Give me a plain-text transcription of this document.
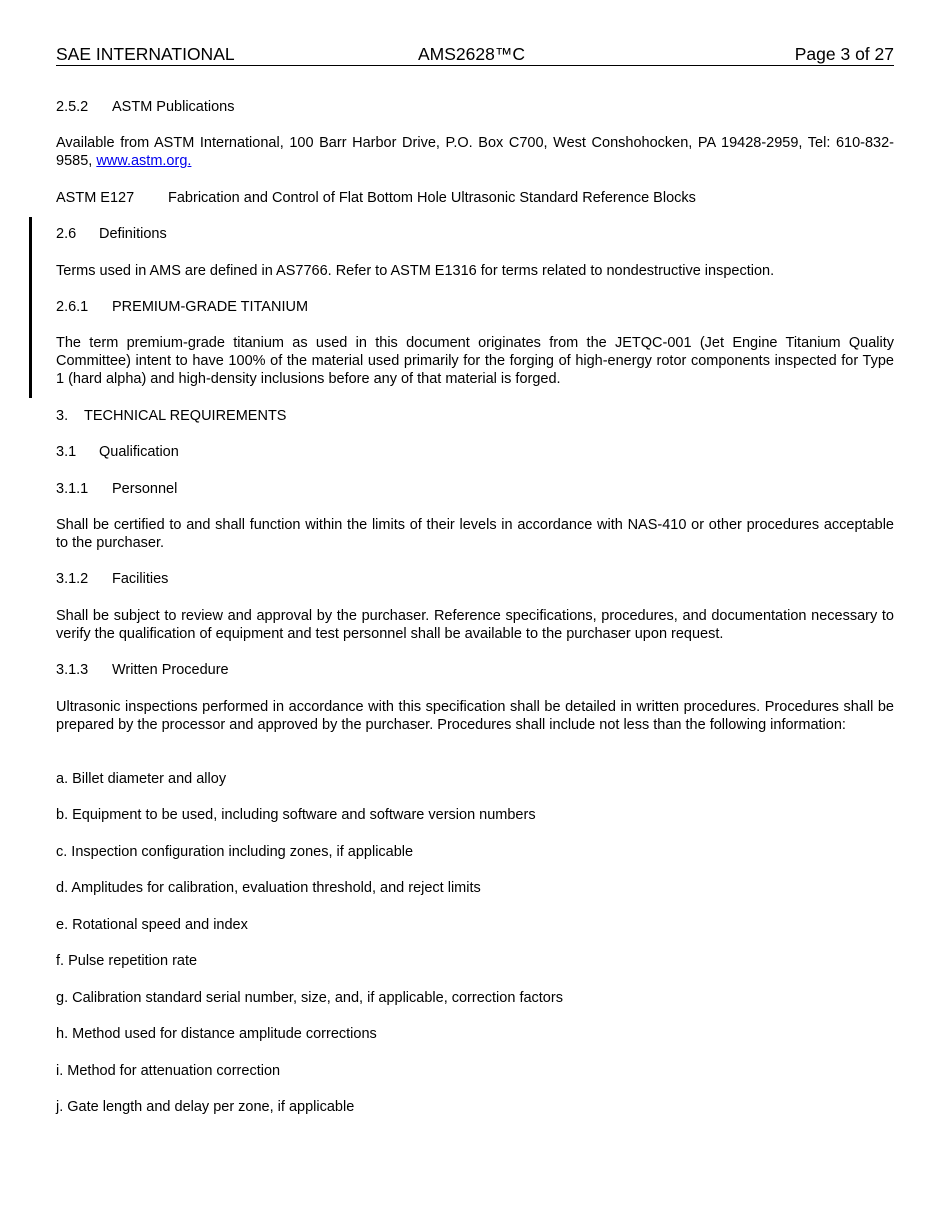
SAE INTERNATIONAL	AMS2628™C	Page 3 of 27
2.5.2 ASTM Publications
Available from ASTM International, 100 Barr Harbor Drive, P.O. Box C700, West Conshohocken, PA 19428-2959, Tel: 610-832-9585, www.astm.org.
ASTM E127 Fabrication and Control of Flat Bottom Hole Ultrasonic Standard Reference Blocks
2.6 Definitions
Terms used in AMS are defined in AS7766. Refer to ASTM E1316 for terms related to nondestructive inspection.
2.6.1 PREMIUM-GRADE TITANIUM
The term premium-grade titanium as used in this document originates from the JETQC-001 (Jet Engine Titanium Quality Committee) intent to have 100% of the material used primarily for the forging of high-energy rotor components inspected for Type 1 (hard alpha) and high-density inclusions before any of that material is forged.
3. TECHNICAL REQUIREMENTS
3.1 Qualification
3.1.1 Personnel
Shall be certified to and shall function within the limits of their levels in accordance with NAS-410 or other procedures acceptable to the purchaser.
3.1.2 Facilities
Shall be subject to review and approval by the purchaser. Reference specifications, procedures, and documentation necessary to verify the qualification of equipment and test personnel shall be available to the purchaser upon request.
3.1.3 Written Procedure
Ultrasonic inspections performed in accordance with this specification shall be detailed in written procedures. Procedures shall be prepared by the processor and approved by the purchaser. Procedures shall include not less than the following information:
a. Billet diameter and alloy
b. Equipment to be used, including software and software version numbers
c. Inspection configuration including zones, if applicable
d. Amplitudes for calibration, evaluation threshold, and reject limits
e. Rotational speed and index
f. Pulse repetition rate
g. Calibration standard serial number, size, and, if applicable, correction factors
h. Method used for distance amplitude corrections
i. Method for attenuation correction
j. Gate length and delay per zone, if applicable
